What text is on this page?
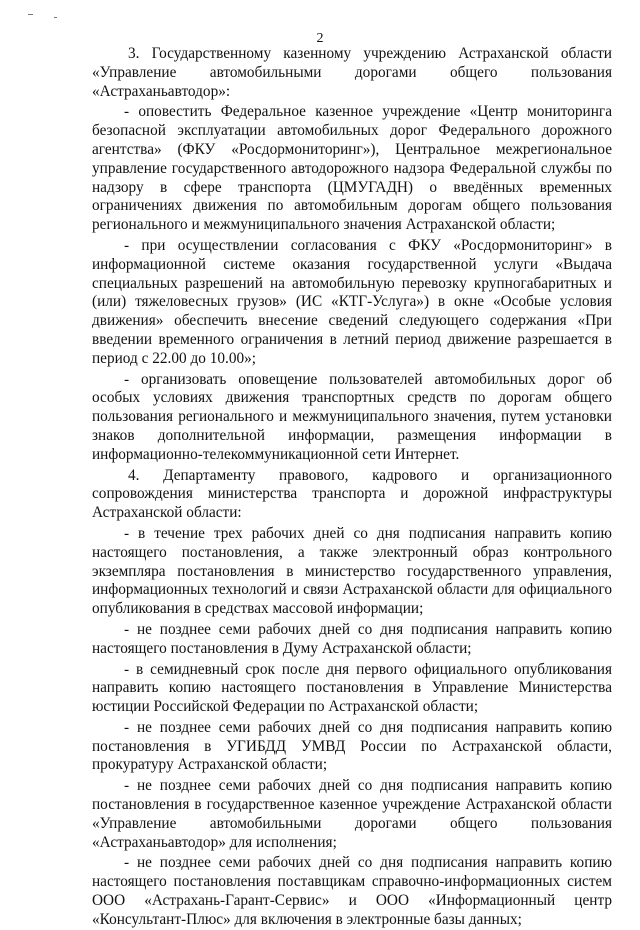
2

3. Государственному казенному учреждению Астраханской области «Управление автомобильными дорогами общего пользования «Астраханьавтодор»:

- оповестить Федеральное казенное учреждение «Центр мониторинга безопасной эксплуатации автомобильных дорог Федерального дорожного агентства» (ФКУ «Росдормониторинг»), Центральное межрегиональное управление государственного автодорожного надзора Федеральной службы по надзору в сфере транспорта (ЦМУГАДН) о введённых временных ограничениях движения по автомобильным дорогам общего пользования регионального и межмуниципального значения Астраханской области;

- при осуществлении согласования с ФКУ «Росдормониторинг» в информационной системе оказания государственной услуги «Выдача специальных разрешений на автомобильную перевозку крупногабаритных и (или) тяжеловесных грузов» (ИС «КТГ-Услуга») в окне «Особые условия движения» обеспечить внесение сведений следующего содержания «При введении временного ограничения в летний период движение разрешается в период с 22.00 до 10.00»;

- организовать оповещение пользователей автомобильных дорог об особых условиях движения транспортных средств по дорогам общего пользования регионального и межмуниципального значения, путем установки знаков дополнительной информации, размещения информации в информационно-телекоммуникационной сети Интернет.

4. Департаменту правового, кадрового и организационного сопровождения министерства транспорта и дорожной инфраструктуры Астраханской области:

- в течение трех рабочих дней со дня подписания направить копию настоящего постановления, а также электронный образ контрольного экземпляра постановления в министерство государственного управления, информационных технологий и связи Астраханской области для официального опубликования в средствах массовой информации;

- не позднее семи рабочих дней со дня подписания направить копию настоящего постановления в Думу Астраханской области;

- в семидневный срок после дня первого официального опубликования направить копию настоящего постановления в Управление Министерства юстиции Российской Федерации по Астраханской области;

- не позднее семи рабочих дней со дня подписания направить копию постановления в УГИБДД УМВД России по Астраханской области, прокуратуру Астраханской области;

- не позднее семи рабочих дней со дня подписания направить копию постановления в государственное казенное учреждение Астраханской области «Управление автомобильными дорогами общего пользования «Астраханьавтодор» для исполнения;

- не позднее семи рабочих дней со дня подписания направить копию настоящего постановления поставщикам справочно-информационных систем ООО «Астрахань-Гарант-Сервис» и ООО «Информационный центр «Консультант-Плюс» для включения в электронные базы данных;
